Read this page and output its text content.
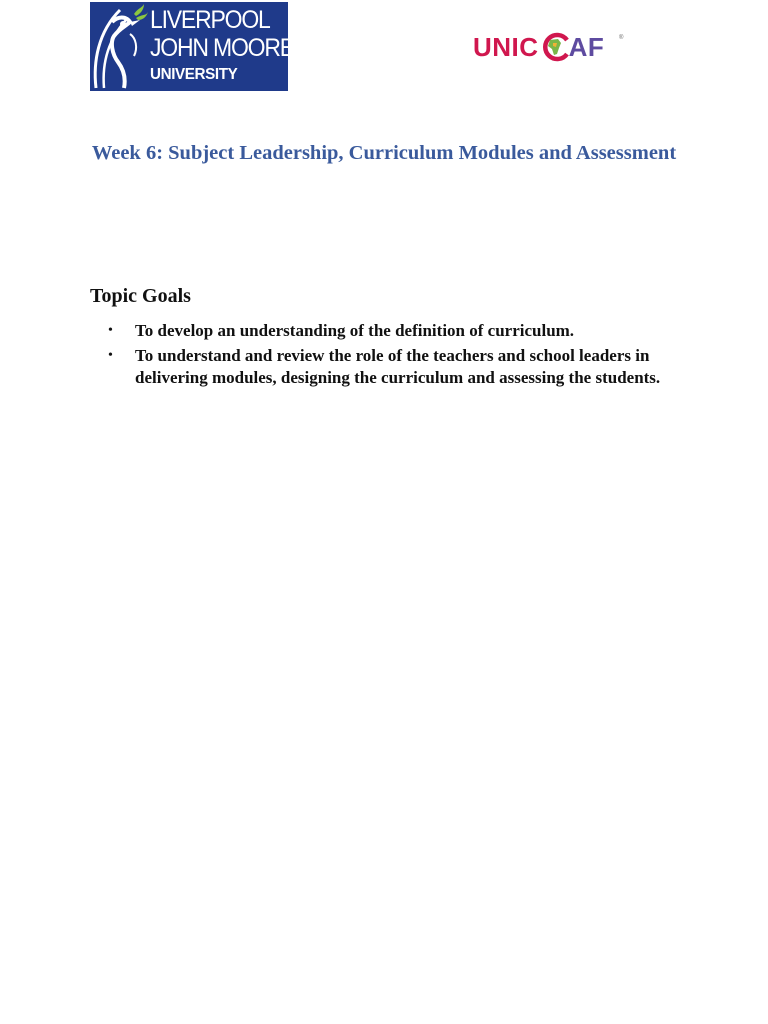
LIVERPOOL
JOHN MOORES
UNIVERSITY
UNIC AF ®
Week 6: Subject Leadership, Curriculum Modules and Assessment
Topic Goals
• To develop an understanding of the definition of curriculum.
• To understand and review the role of the teachers and school leaders in delivering modules, designing the curriculum and assessing the students.
